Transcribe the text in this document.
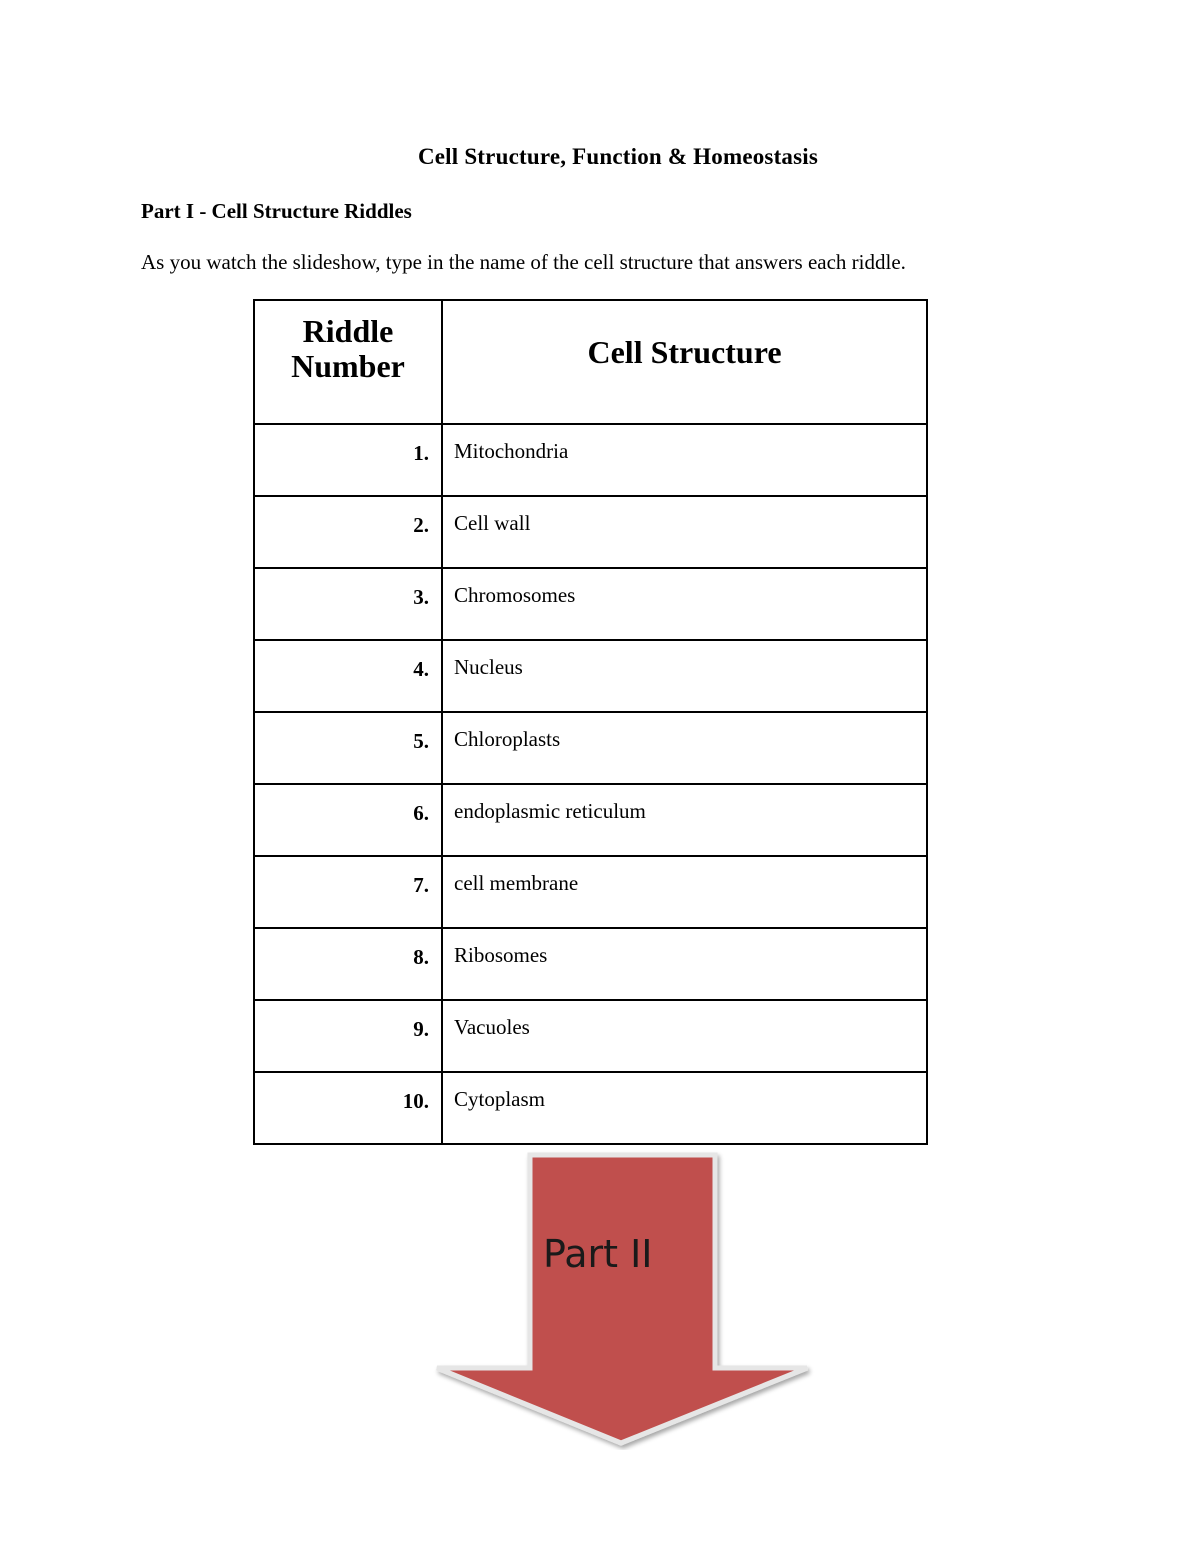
Cell Structure, Function & Homeostasis
Part I - Cell Structure Riddles
As you watch the slideshow, type in the name of the cell structure that answers each riddle.
Riddle
Number	Cell Structure
1.	Mitochondria
2.	Cell wall
3.	Chromosomes
4.	Nucleus
5.	Chloroplasts
6.	endoplasmic reticulum
7.	cell membrane
8.	Ribosomes
9.	Vacuoles
10.	Cytoplasm
Part II
